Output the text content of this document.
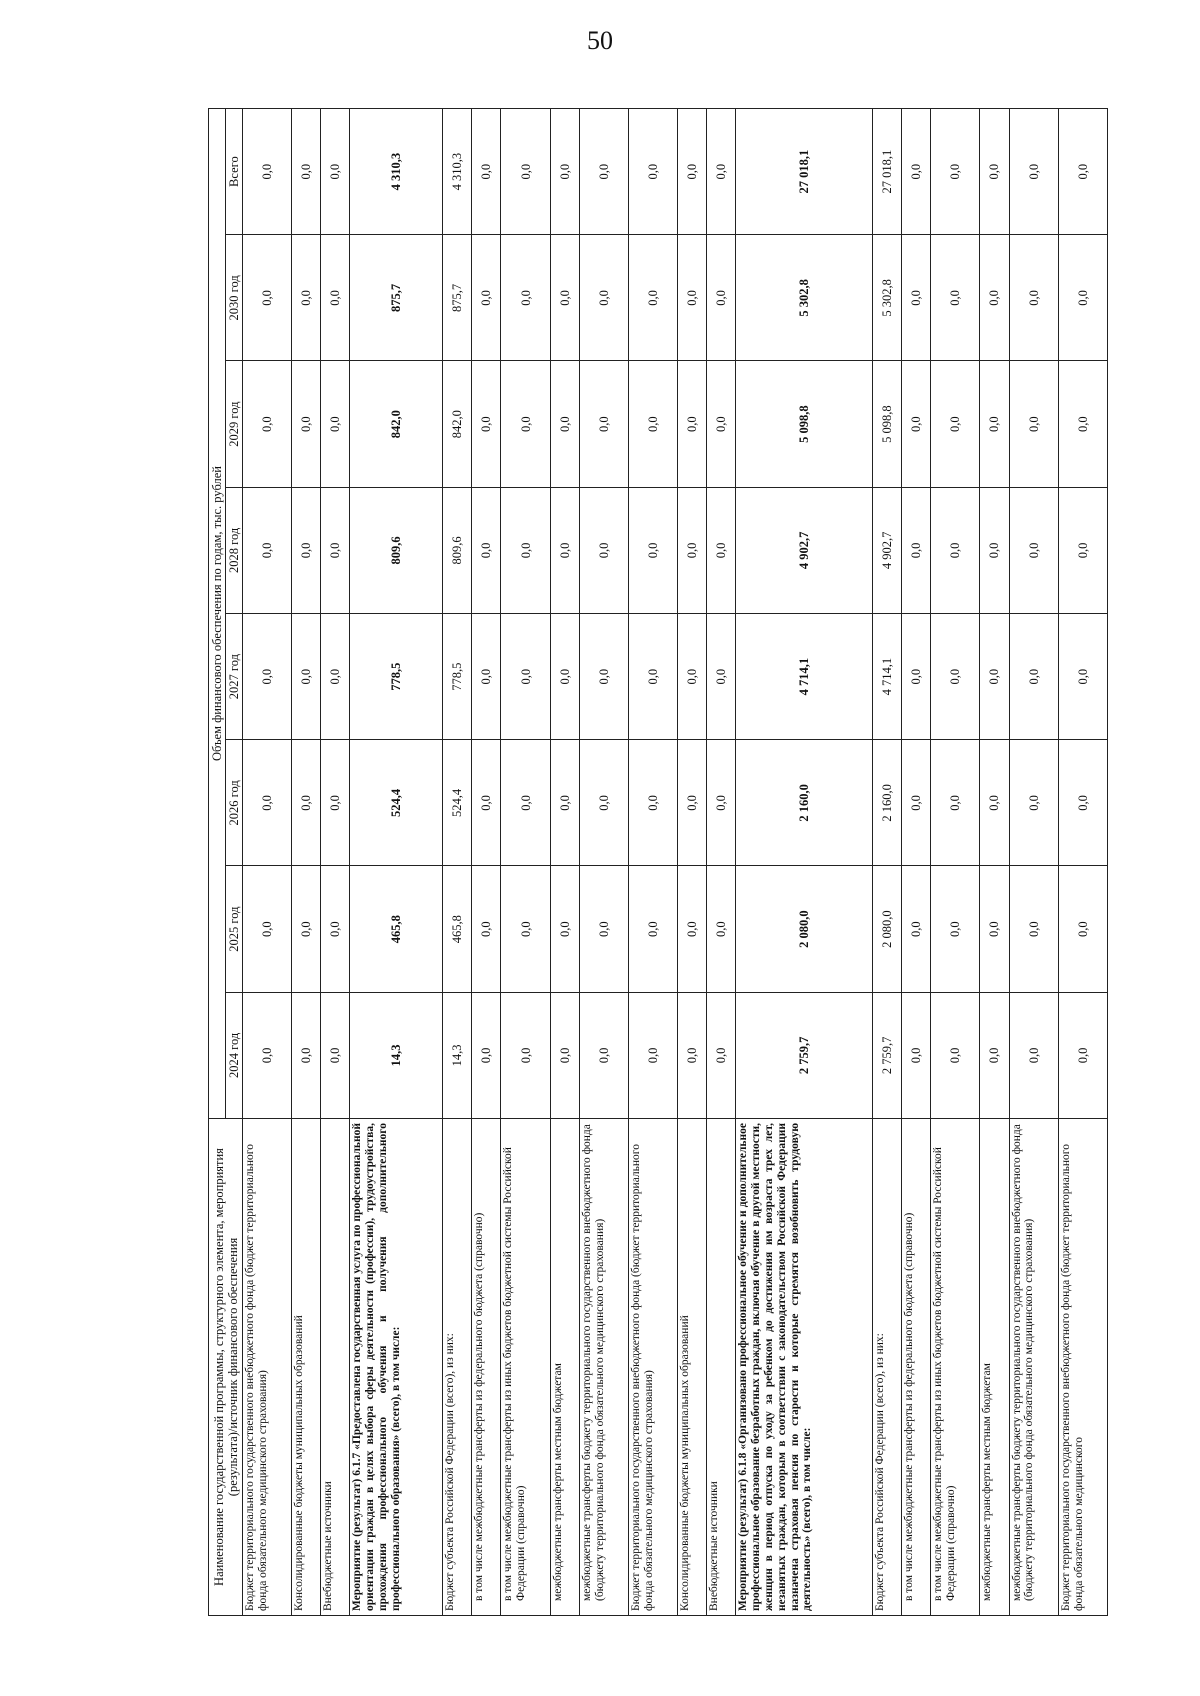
50
Наименование государственной программы, структурного элемента, мероприятия (результата)/источник финансового обеспечения	Объем финансового обеспечения по годам, тыс. рублей							
	2024 год	2025 год	2026 год	2027 год	2028 год	2029 год	2030 год	Всего
Бюджет территориального государственного внебюджетного фонда (бюджет территориального фонда обязательного медицинского страхования)	0,0	0,0	0,0	0,0	0,0	0,0	0,0	0,0
Консолидированные бюджеты муниципальных образований	0,0	0,0	0,0	0,0	0,0	0,0	0,0	0,0
Внебюджетные источники	0,0	0,0	0,0	0,0	0,0	0,0	0,0	0,0
Мероприятие (результат) 6.1.7 «Предоставлена государственная услуга по профессиональной ориентации граждан в целях выбора сферы деятельности (профессии), трудоустройства, прохождения профессионального обучения и получения дополнительного профессионального образования» (всего), в том числе:	14,3	465,8	524,4	778,5	809,6	842,0	875,7	4 310,3
Бюджет субъекта Российской Федерации (всего), из них:	14,3	465,8	524,4	778,5	809,6	842,0	875,7	4 310,3
в том числе межбюджетные трансферты из федерального бюджета (справочно)	0,0	0,0	0,0	0,0	0,0	0,0	0,0	0,0
в том числе межбюджетные трансферты из иных бюджетов бюджетной системы Российской Федерации (справочно)	0,0	0,0	0,0	0,0	0,0	0,0	0,0	0,0
межбюджетные трансферты местным бюджетам	0,0	0,0	0,0	0,0	0,0	0,0	0,0	0,0
межбюджетные трансферты бюджету территориального государственного внебюджетного фонда (бюджету территориального фонда обязательного медицинского страхования)	0,0	0,0	0,0	0,0	0,0	0,0	0,0	0,0
Бюджет территориального государственного внебюджетного фонда (бюджет территориального фонда обязательного медицинского страхования)	0,0	0,0	0,0	0,0	0,0	0,0	0,0	0,0
Консолидированные бюджеты муниципальных образований	0,0	0,0	0,0	0,0	0,0	0,0	0,0	0,0
Внебюджетные источники	0,0	0,0	0,0	0,0	0,0	0,0	0,0	0,0
Мероприятие (результат) 6.1.8 «Организовано профессиональное обучение и дополнительное профессиональное образование безработных граждан, включая обучение в другой местности, женщин в период отпуска по уходу за ребенком до достижения им возраста трех лет, незанятых граждан, которым в соответствии с законодательством Российской Федерации назначена страховая пенсия по старости и которые стремятся возобновить трудовую деятельность» (всего), в том числе:	2 759,7	2 080,0	2 160,0	4 714,1	4 902,7	5 098,8	5 302,8	27 018,1
Бюджет субъекта Российской Федерации (всего), из них:	2 759,7	2 080,0	2 160,0	4 714,1	4 902,7	5 098,8	5 302,8	27 018,1
в том числе межбюджетные трансферты из федерального бюджета (справочно)	0,0	0,0	0,0	0,0	0,0	0,0	0,0	0,0
в том числе межбюджетные трансферты из иных бюджетов бюджетной системы Российской Федерации (справочно)	0,0	0,0	0,0	0,0	0,0	0,0	0,0	0,0
межбюджетные трансферты местным бюджетам	0,0	0,0	0,0	0,0	0,0	0,0	0,0	0,0
межбюджетные трансферты бюджету территориального государственного внебюджетного фонда (бюджету территориального фонда обязательного медицинского страхования)	0,0	0,0	0,0	0,0	0,0	0,0	0,0	0,0
Бюджет территориального государственного внебюджетного фонда (бюджет территориального фонда обязательного медицинского	0,0	0,0	0,0	0,0	0,0	0,0	0,0	0,0
